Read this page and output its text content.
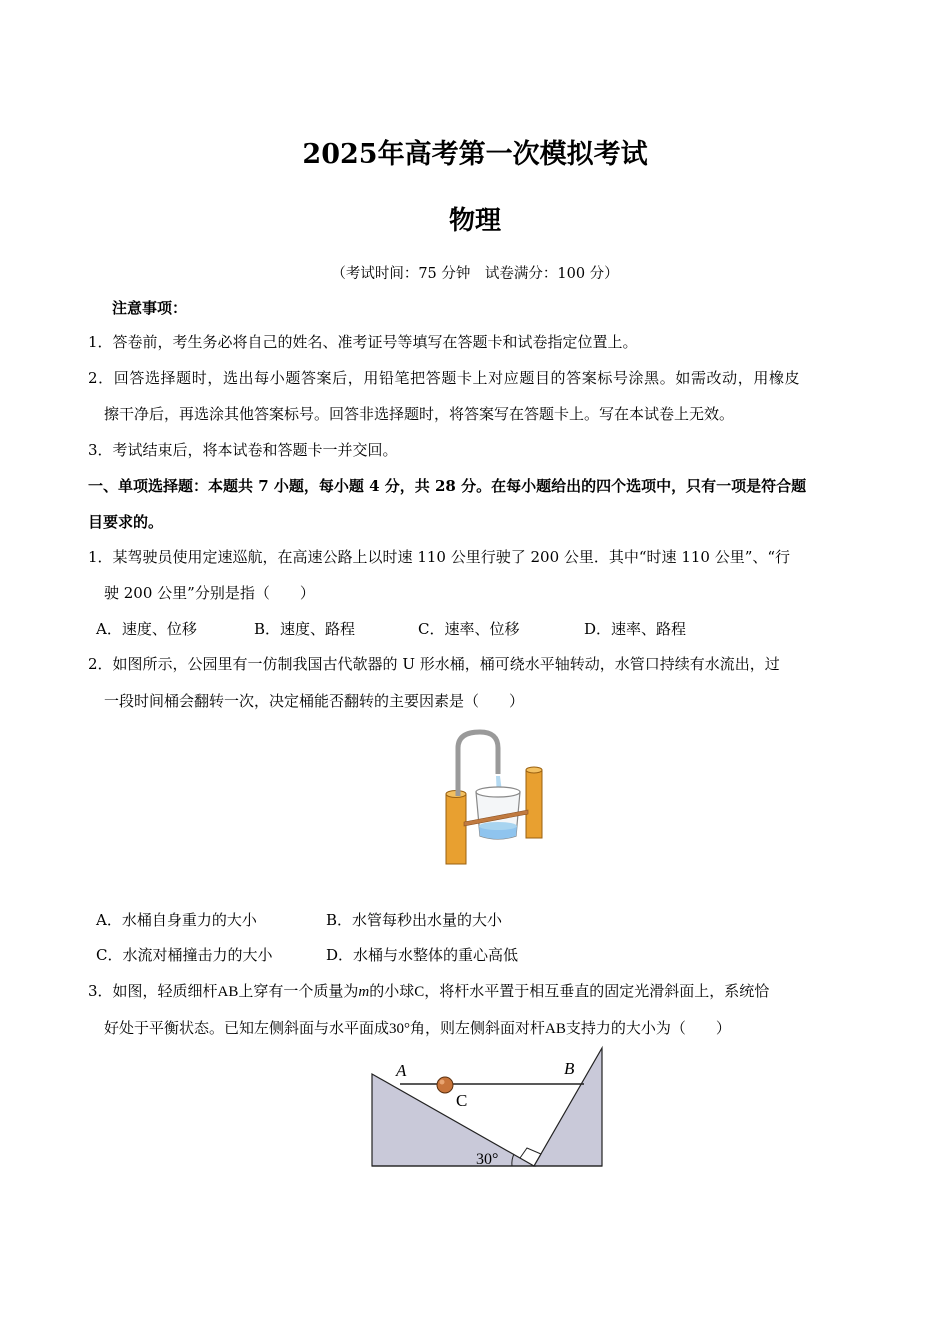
2025年高考第一次模拟考试
物理
（考试时间：75 分钟　试卷满分：100 分）
注意事项：
1．答卷前，考生务必将自己的姓名、准考证号等填写在答题卡和试卷指定位置上。
2．回答选择题时，选出每小题答案后，用铅笔把答题卡上对应题目的答案标号涂黑。如需改动，用橡皮
擦干净后，再选涂其他答案标号。回答非选择题时，将答案写在答题卡上。写在本试卷上无效。
3．考试结束后，将本试卷和答题卡一并交回。
一、单项选择题：本题共 7 小题，每小题 4 分，共 28 分。在每小题给出的四个选项中，只有一项是符合题
目要求的。
1．某驾驶员使用定速巡航，在高速公路上以时速 110 公里行驶了 200 公里．其中“时速 110 公里”、“行
驶 200 公里”分别是指（　　）
A．速度、位移	B．速度、路程	C．速率、位移	D．速率、路程
2．如图所示，公园里有一仿制我国古代欹器的 U 形水桶，桶可绕水平轴转动，水管口持续有水流出，过
一段时间桶会翻转一次，决定桶能否翻转的主要因素是（　　）
A．水桶自身重力的大小	B．水管每秒出水量的大小
C．水流对桶撞击力的大小	D．水桶与水整体的重心高低
3．如图，轻质细杆AB上穿有一个质量为m的小球C，将杆水平置于相互垂直的固定光滑斜面上，系统恰
好处于平衡状态。已知左侧斜面与水平面成30°角，则左侧斜面对杆AB支持力的大小为（　　）
A	B
C
30°
